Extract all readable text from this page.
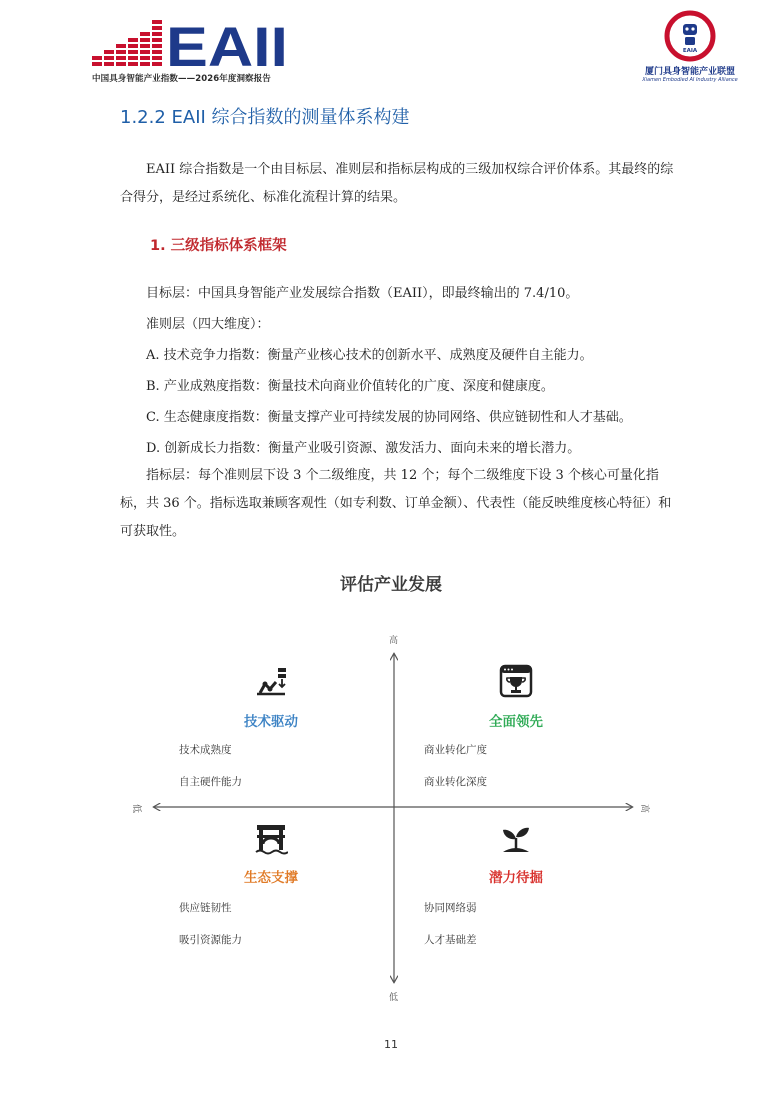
EAII
中国具身智能产业指数——2026年度洞察报告
EAIA
厦门具身智能产业联盟
Xiamen Embodied AI Industry Alliance
1.2.2 EAII 综合指数的测量体系构建
EAII 综合指数是一个由目标层、准则层和指标层构成的三级加权综合评价体系。其最终的综合得分，是经过系统化、标准化流程计算的结果。
1. 三级指标体系框架
目标层：中国具身智能产业发展综合指数（EAII），即最终输出的 7.4/10。
准则层（四大维度）：
A. 技术竞争力指数：衡量产业核心技术的创新水平、成熟度及硬件自主能力。
B. 产业成熟度指数：衡量技术向商业价值转化的广度、深度和健康度。
C. 生态健康度指数：衡量支撑产业可持续发展的协同网络、供应链韧性和人才基础。
D. 创新成长力指数：衡量产业吸引资源、激发活力、面向未来的增长潜力。
指标层：每个准则层下设 3 个二级维度，共 12 个；每个二级维度下设 3 个核心可量化指标，共 36 个。指标选取兼顾客观性（如专利数、订单金额）、代表性（能反映维度核心特征）和可获取性。
评估产业发展
高
低
低	高
技术驱动
技术成熟度
自主硬件能力
全面领先
商业转化广度
商业转化深度
生态支撑
供应链韧性
吸引资源能力
潜力待掘
协同网络弱
人才基础差
11
